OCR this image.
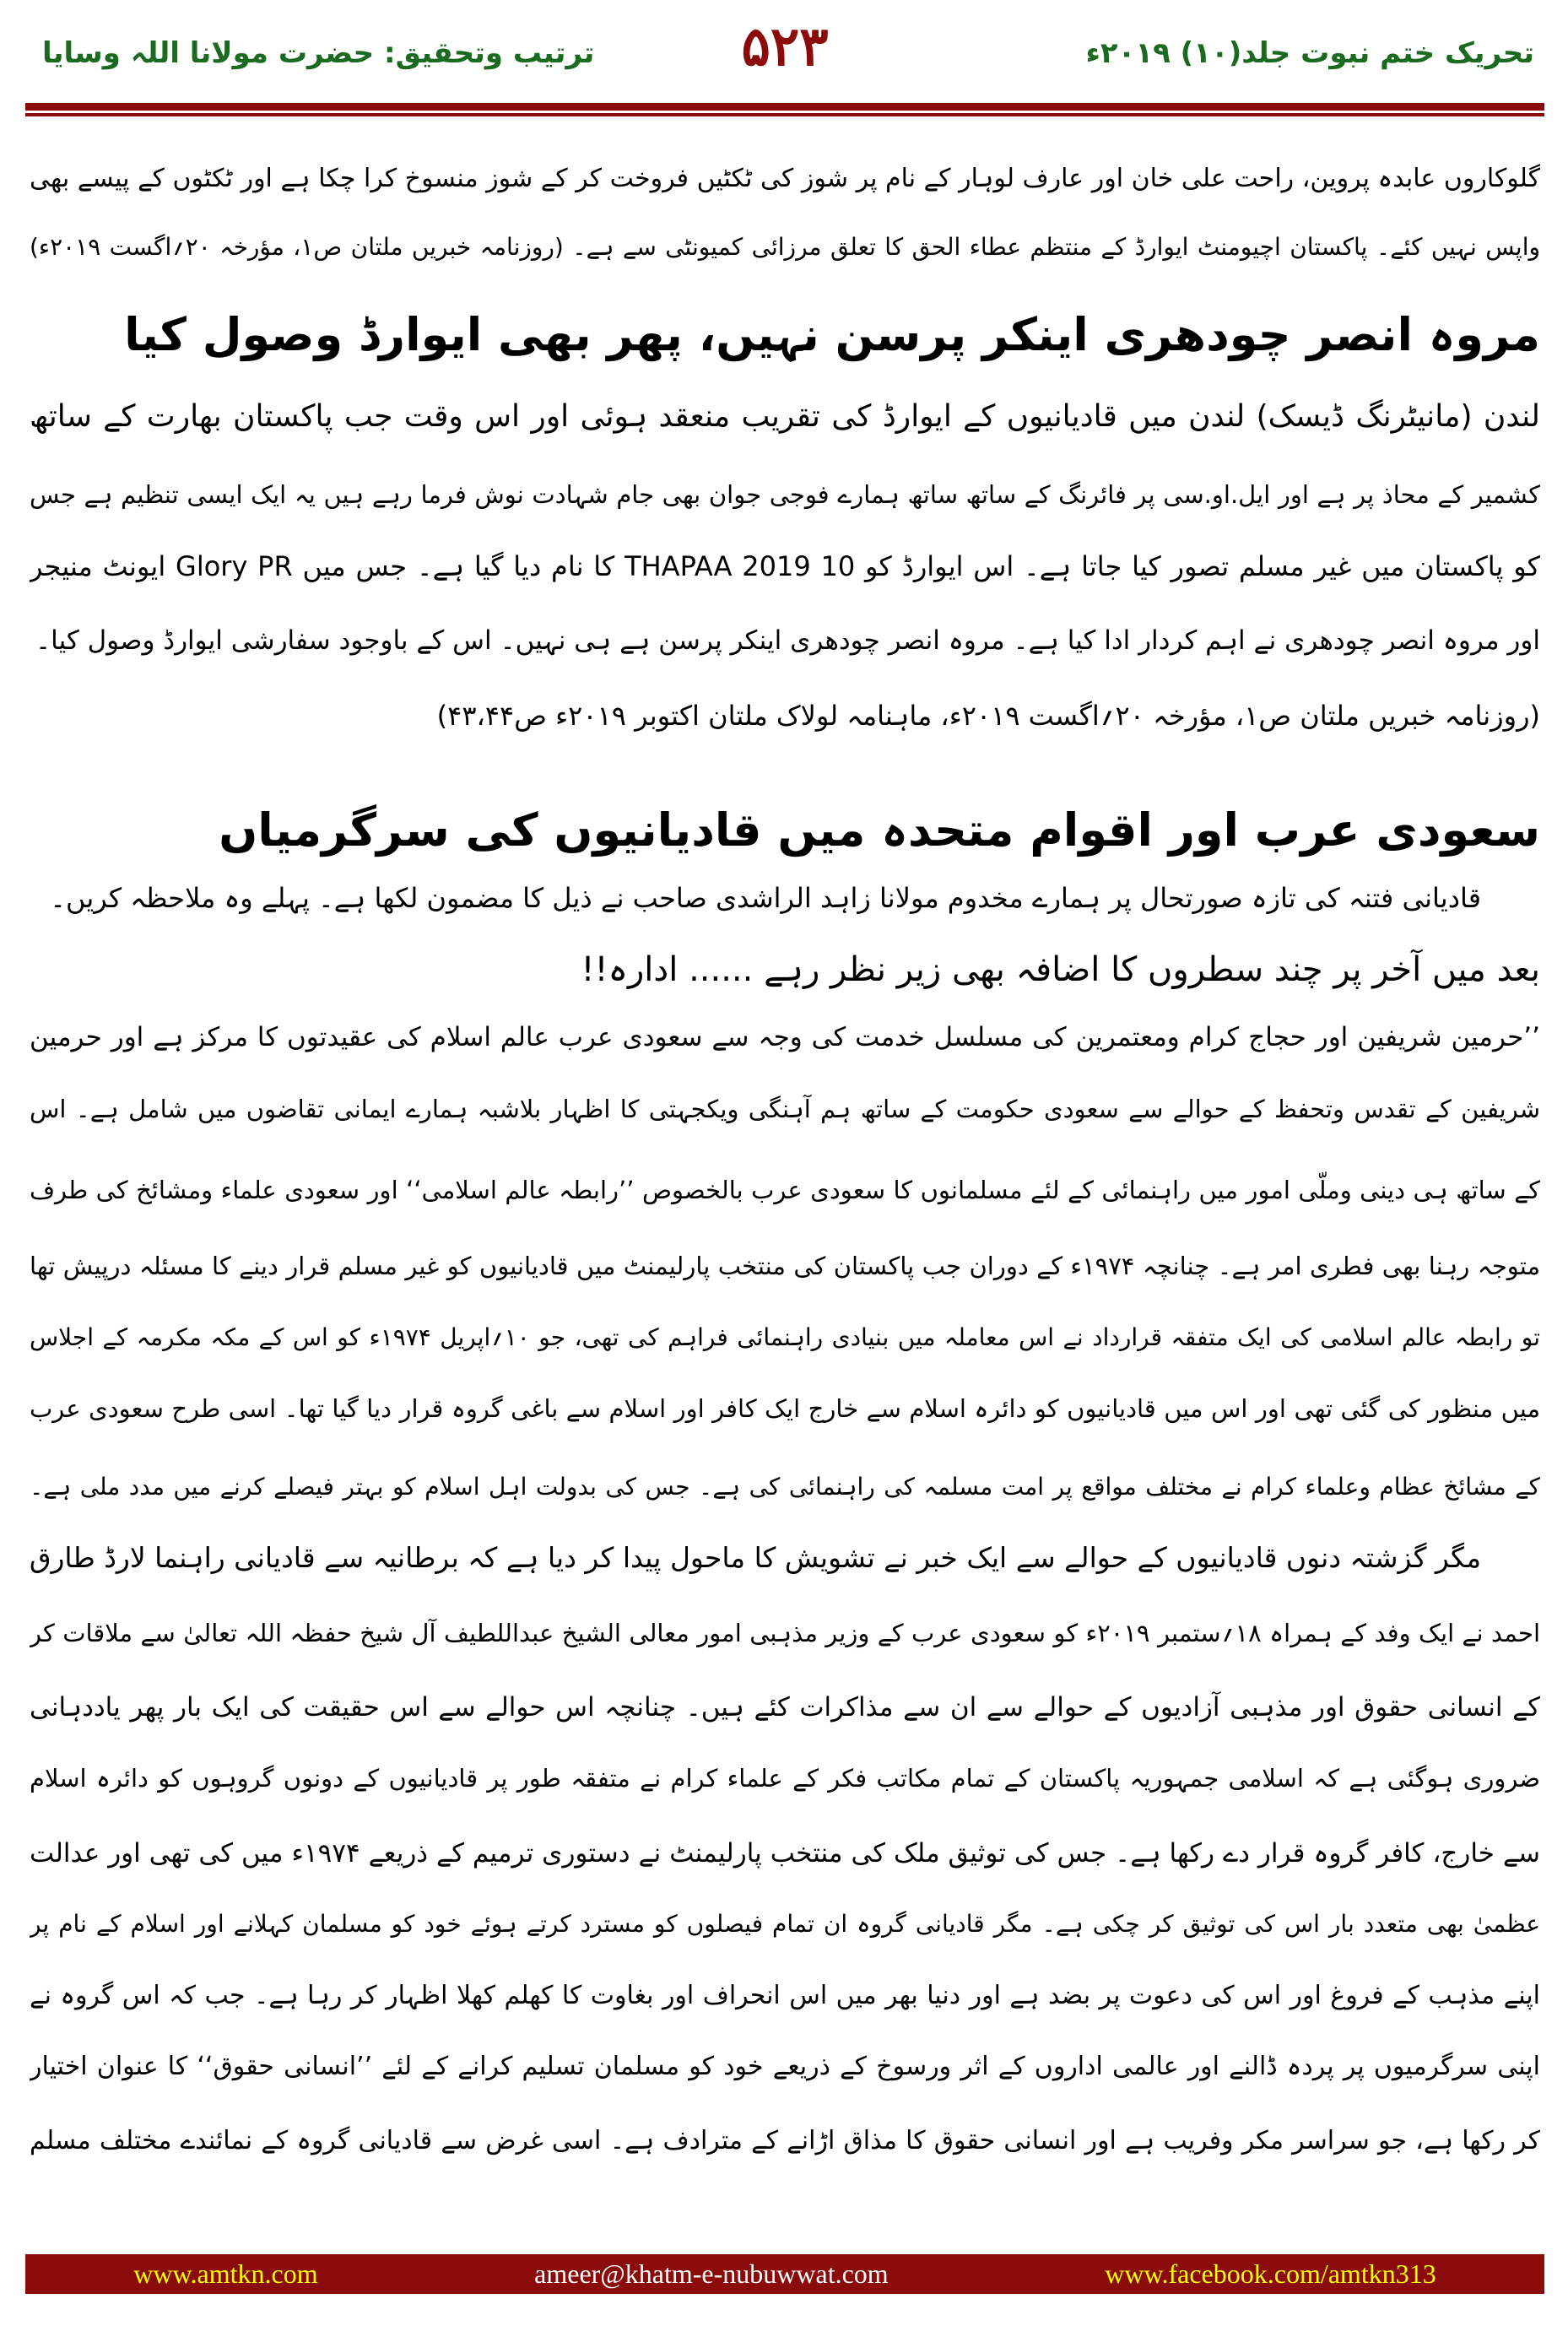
ترتیب وتحقیق: حضرت مولانا اللہ وسایا	۵۲۳	تحریک ختم نبوت جلد(۱۰) ۲۰۱۹ء
گلوکاروں عابدہ پروین، راحت علی خان اور عارف لوہار کے نام پر شوز کی ٹکٹیں فروخت کر کے شوز منسوخ کرا چکا ہے اور ٹکٹوں کے پیسے بھی
واپس نہیں کئے۔ پاکستان اچیومنٹ ایوارڈ کے منتظم عطاء الحق کا تعلق مرزائی کمیونٹی سے ہے۔ (روزنامہ خبریں ملتان ص۱، مؤرخہ ۲۰؍اگست ۲۰۱۹ء)
مروہ انصر چودھری اینکر پرسن نہیں، پھر بھی ایوارڈ وصول کیا
لندن (مانیٹرنگ ڈیسک) لندن میں قادیانیوں کے ایوارڈ کی تقریب منعقد ہوئی اور اس وقت جب پاکستان بھارت کے ساتھ
کشمیر کے محاذ پر ہے اور ایل.او.سی پر فائرنگ کے ساتھ ساتھ ہمارے فوجی جوان بھی جام شہادت نوش فرما رہے ہیں یہ ایک ایسی تنظیم ہے جس
کو پاکستان میں غیر مسلم تصور کیا جاتا ہے۔ اس ایوارڈ کو 10 THAPAA 2019 کا نام دیا گیا ہے۔ جس میں Glory PR ایونٹ منیجر
اور مروہ انصر چودھری نے اہم کردار ادا کیا ہے۔ مروہ انصر چودھری اینکر پرسن ہے ہی نہیں۔ اس کے باوجود سفارشی ایوارڈ وصول کیا۔
(روزنامہ خبریں ملتان ص۱، مؤرخہ ۲۰؍اگست ۲۰۱۹ء، ماہنامہ لولاک ملتان اکتوبر ۲۰۱۹ء ص۴۳،۴۴)
سعودی عرب اور اقوام متحدہ میں قادیانیوں کی سرگرمیاں
قادیانی فتنہ کی تازہ صورتحال پر ہمارے مخدوم مولانا زاہد الراشدی صاحب نے ذیل کا مضمون لکھا ہے۔ پہلے وہ ملاحظہ کریں۔
بعد میں آخر پر چند سطروں کا اضافہ بھی زیر نظر رہے ...... ادارہ!!
’’حرمین شریفین اور حجاج کرام ومعتمرین کی مسلسل خدمت کی وجہ سے سعودی عرب عالم اسلام کی عقیدتوں کا مرکز ہے اور حرمین
شریفین کے تقدس وتحفظ کے حوالے سے سعودی حکومت کے ساتھ ہم آہنگی ویکجہتی کا اظہار بلاشبہ ہمارے ایمانی تقاضوں میں شامل ہے۔ اس
کے ساتھ ہی دینی وملّی امور میں راہنمائی کے لئے مسلمانوں کا سعودی عرب بالخصوص ’’رابطہ عالم اسلامی‘‘ اور سعودی علماء ومشائخ کی طرف
متوجہ رہنا بھی فطری امر ہے۔ چنانچہ ۱۹۷۴ء کے دوران جب پاکستان کی منتخب پارلیمنٹ میں قادیانیوں کو غیر مسلم قرار دینے کا مسئلہ درپیش تھا
تو رابطہ عالم اسلامی کی ایک متفقہ قرارداد نے اس معاملہ میں بنیادی راہنمائی فراہم کی تھی، جو ۱۰؍اپریل ۱۹۷۴ء کو اس کے مکہ مکرمہ کے اجلاس
میں منظور کی گئی تھی اور اس میں قادیانیوں کو دائرہ اسلام سے خارج ایک کافر اور اسلام سے باغی گروہ قرار دیا گیا تھا۔ اسی طرح سعودی عرب
کے مشائخ عظام وعلماء کرام نے مختلف مواقع پر امت مسلمہ کی راہنمائی کی ہے۔ جس کی بدولت اہل اسلام کو بہتر فیصلے کرنے میں مدد ملی ہے۔
مگر گزشتہ دنوں قادیانیوں کے حوالے سے ایک خبر نے تشویش کا ماحول پیدا کر دیا ہے کہ برطانیہ سے قادیانی راہنما لارڈ طارق
احمد نے ایک وفد کے ہمراہ ۱۸؍ستمبر ۲۰۱۹ء کو سعودی عرب کے وزیر مذہبی امور معالی الشیخ عبداللطیف آل شیخ حفظہ اللہ تعالیٰ سے ملاقات کر
کے انسانی حقوق اور مذہبی آزادیوں کے حوالے سے ان سے مذاکرات کئے ہیں۔ چنانچہ اس حوالے سے اس حقیقت کی ایک بار پھر یاددہانی
ضروری ہوگئی ہے کہ اسلامی جمہوریہ پاکستان کے تمام مکاتب فکر کے علماء کرام نے متفقہ طور پر قادیانیوں کے دونوں گروہوں کو دائرہ اسلام
سے خارج، کافر گروہ قرار دے رکھا ہے۔ جس کی توثیق ملک کی منتخب پارلیمنٹ نے دستوری ترمیم کے ذریعے ۱۹۷۴ء میں کی تھی اور عدالت
عظمیٰ بھی متعدد بار اس کی توثیق کر چکی ہے۔ مگر قادیانی گروہ ان تمام فیصلوں کو مسترد کرتے ہوئے خود کو مسلمان کہلانے اور اسلام کے نام پر
اپنے مذہب کے فروغ اور اس کی دعوت پر بضد ہے اور دنیا بھر میں اس انحراف اور بغاوت کا کھلم کھلا اظہار کر رہا ہے۔ جب کہ اس گروہ نے
اپنی سرگرمیوں پر پردہ ڈالنے اور عالمی اداروں کے اثر ورسوخ کے ذریعے خود کو مسلمان تسلیم کرانے کے لئے ’’انسانی حقوق‘‘ کا عنوان اختیار
کر رکھا ہے، جو سراسر مکر وفریب ہے اور انسانی حقوق کا مذاق اڑانے کے مترادف ہے۔ اسی غرض سے قادیانی گروہ کے نمائندے مختلف مسلم
www.amtkn.com	ameer@khatm-e-nubuwwat.com	www.facebook.com/amtkn313
